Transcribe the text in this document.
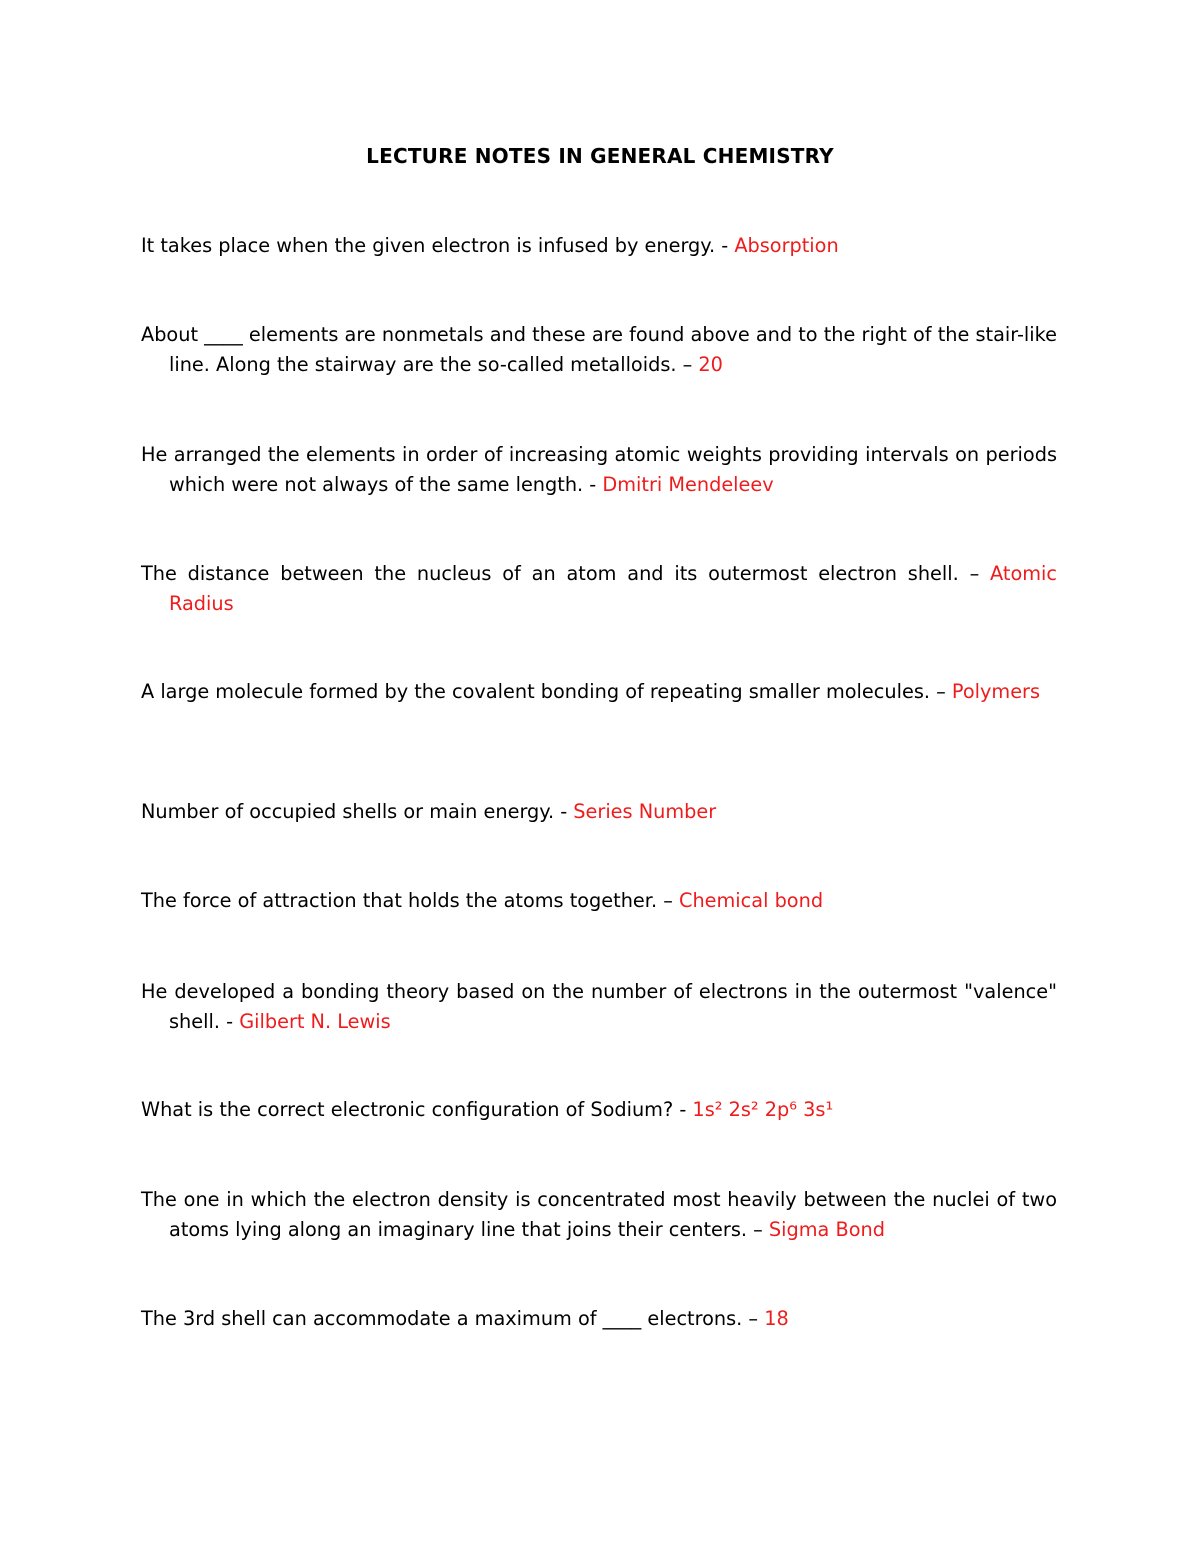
LECTURE NOTES IN GENERAL CHEMISTRY

It takes place when the given electron is infused by energy. - Absorption

About ____ elements are nonmetals and these are found above and to the right of the stair-like line. Along the stairway are the so-called metalloids. – 20

He arranged the elements in order of increasing atomic weights providing intervals on periods which were not always of the same length. - Dmitri Mendeleev

The distance between the nucleus of an atom and its outermost electron shell. – Atomic Radius

A large molecule formed by the covalent bonding of repeating smaller molecules. – Polymers

Number of occupied shells or main energy. - Series Number

The force of attraction that holds the atoms together. – Chemical bond

He developed a bonding theory based on the number of electrons in the outermost "valence" shell. - Gilbert N. Lewis

What is the correct electronic configuration of Sodium? - 1s² 2s² 2p⁶ 3s¹

The one in which the electron density is concentrated most heavily between the nuclei of two atoms lying along an imaginary line that joins their centers. – Sigma Bond

The 3rd shell can accommodate a maximum of ____ electrons. – 18
